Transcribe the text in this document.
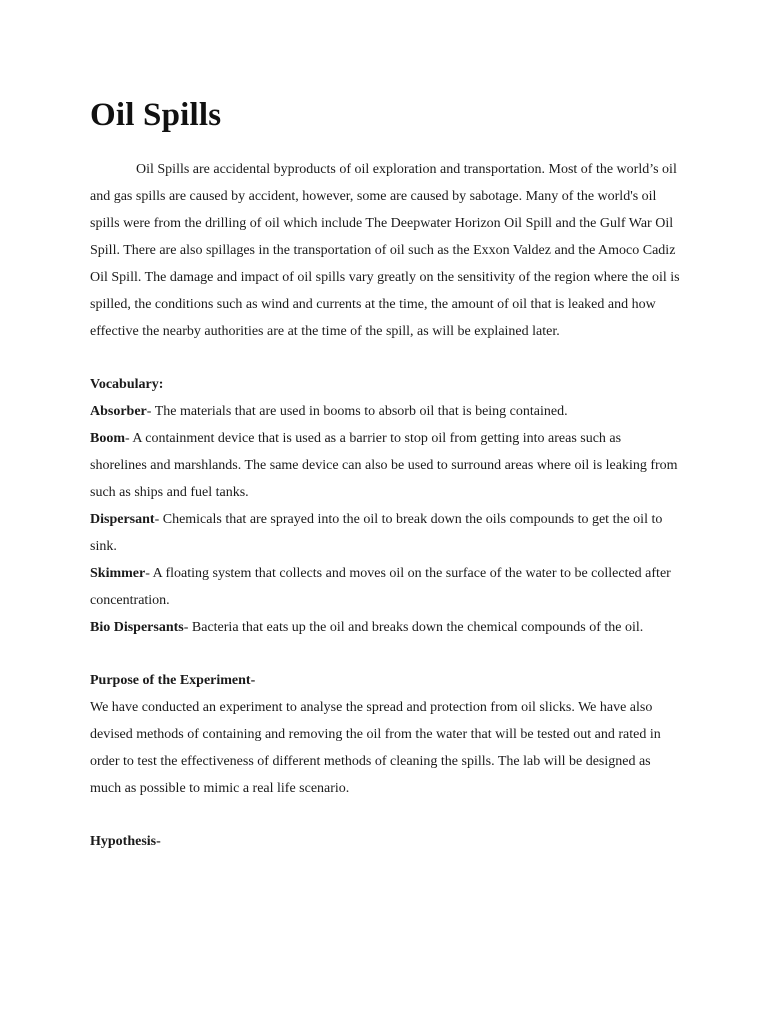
Oil Spills

Oil Spills are accidental byproducts of oil exploration and transportation. Most of the world’s oil and gas spills are caused by accident, however, some are caused by sabotage. Many of the world's oil spills were from the drilling of oil which include The Deepwater Horizon Oil Spill and the Gulf War Oil Spill. There are also spillages in the transportation of oil such as the Exxon Valdez and the Amoco Cadiz Oil Spill. The damage and impact of oil spills vary greatly on the sensitivity of the region where the oil is spilled, the conditions such as wind and currents at the time, the amount of oil that is leaked and how effective the nearby authorities are at the time of the spill, as will be explained later.

Vocabulary:

Absorber- The materials that are used in booms to absorb oil that is being contained.

Boom- A containment device that is used as a barrier to stop oil from getting into areas such as shorelines and marshlands. The same device can also be used to surround areas where oil is leaking from such as ships and fuel tanks.

Dispersant- Chemicals that are sprayed into the oil to break down the oils compounds to get the oil to sink.

Skimmer- A floating system that collects and moves oil on the surface of the water to be collected after concentration.

Bio Dispersants- Bacteria that eats up the oil and breaks down the chemical compounds of the oil.

Purpose of the Experiment-

We have conducted an experiment to analyse the spread and protection from oil slicks. We have also devised methods of containing and removing the oil from the water that will be tested out and rated in order to test the effectiveness of different methods of cleaning the spills. The lab will be designed as much as possible to mimic a real life scenario.

Hypothesis-
